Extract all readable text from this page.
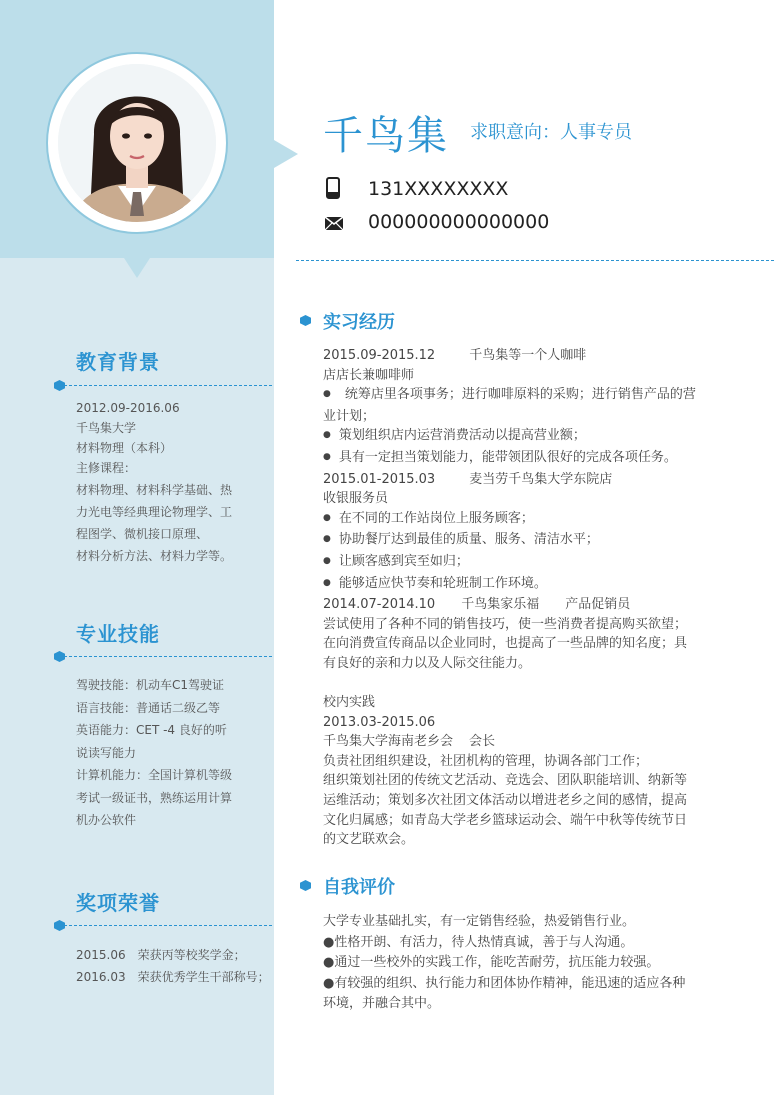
教育背景
2012.09-2016.06
千鸟集大学
材料物理（本科）
主修课程：
材料物理、材料科学基础、热
力光电等经典理论物理学、工
程图学、微机接口原理、
材料分析方法、材料力学等。
专业技能
驾驶技能：机动车C1驾驶证
语言技能：普通话二级乙等
英语能力：CET -4 良好的听
说读写能力
计算机能力：全国计算机等级
考试一级证书，熟练运用计算
机办公软件
奖项荣誉
2015.06 荣获丙等校奖学金；
2016.03 荣获优秀学生干部称号；
千鸟集 求职意向：人事专员
131XXXXXXXX
000000000000000
实习经历
2015.09-2015.12	千鸟集等一个人咖啡
店店长兼咖啡师
● 统筹店里各项事务；进行咖啡原料的采购；进行销售产品的营
业计划；
● 策划组织店内运营消费活动以提高营业额；
● 具有一定担当策划能力，能带领团队很好的完成各项任务。
2015.01-2015.03	麦当劳千鸟集大学东院店
收银服务员
● 在不同的工作站岗位上服务顾客；
● 协助餐厅达到最佳的质量、服务、清洁水平；
● 让顾客感到宾至如归；
● 能够适应快节奏和轮班制工作环境。
2014.07-2014.10 千鸟集家乐福 产品促销员
尝试使用了各种不同的销售技巧，使一些消费者提高购买欲望；
在向消费宣传商品以企业同时，也提高了一些品牌的知名度；具
有良好的亲和力以及人际交往能力。
校内实践
2013.03-2015.06
千鸟集大学海南老乡会 会长
负责社团组织建设，社团机构的管理，协调各部门工作；
组织策划社团的传统文艺活动、竞选会、团队职能培训、纳新等
运维活动；策划多次社团文体活动以增进老乡之间的感情，提高
文化归属感；如青岛大学老乡篮球运动会、端午中秋等传统节日
的文艺联欢会。
自我评价
大学专业基础扎实，有一定销售经验，热爱销售行业。
●性格开朗、有活力，待人热情真诚，善于与人沟通。
●通过一些校外的实践工作，能吃苦耐劳，抗压能力较强。
●有较强的组织、执行能力和团体协作精神，能迅速的适应各种
环境，并融合其中。
